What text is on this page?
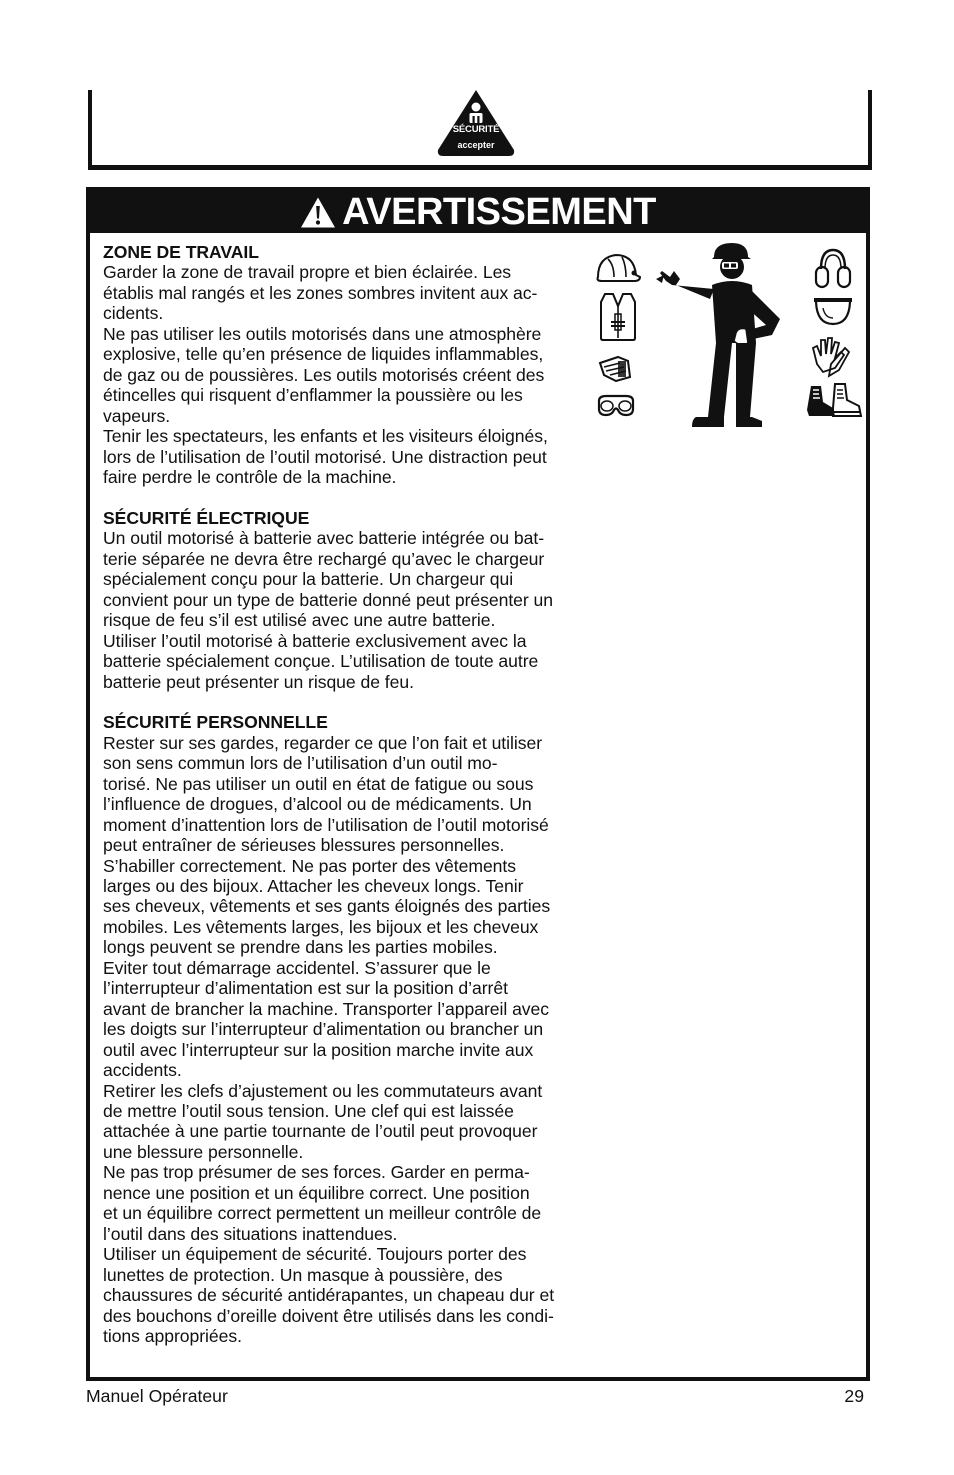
SÉCURITÉ
accepter
AVERTISSEMENT

ZONE DE TRAVAIL

Garder la zone de travail propre et bien éclairée. Les

établis mal rangés et les zones sombres invitent aux ac-

cidents.

Ne pas utiliser les outils motorisés dans une atmosphère

explosive, telle qu’en présence de liquides inflammables,

de gaz ou de poussières. Les outils motorisés créent des

étincelles qui risquent d’enflammer la poussière ou les

vapeurs.

Tenir les spectateurs, les enfants et les visiteurs éloignés,

lors de l’utilisation de l’outil motorisé. Une distraction peut

faire perdre le contrôle de la machine.

SÉCURITÉ ÉLECTRIQUE

Un outil motorisé à batterie avec batterie intégrée ou bat-

terie séparée ne devra être rechargé qu’avec le chargeur

spécialement conçu pour la batterie. Un chargeur qui

convient pour un type de batterie donné peut présenter un

risque de feu s’il est utilisé avec une autre batterie.

Utiliser l’outil motorisé à batterie exclusivement avec la

batterie spécialement conçue. L’utilisation de toute autre

batterie peut présenter un risque de feu.

SÉCURITÉ PERSONNELLE

Rester sur ses gardes, regarder ce que l’on fait et utiliser

son sens commun lors de l’utilisation d’un outil mo-

torisé. Ne pas utiliser un outil en état de fatigue ou sous

l’influence de drogues, d’alcool ou de médicaments. Un

moment d’inattention lors de l’utilisation de l’outil motorisé

peut entraîner de sérieuses blessures personnelles.

S’habiller correctement. Ne pas porter des vêtements

larges ou des bijoux. Attacher les cheveux longs. Tenir

ses cheveux, vêtements et ses gants éloignés des parties

mobiles. Les vêtements larges, les bijoux et les cheveux

longs peuvent se prendre dans les parties mobiles.

Eviter tout démarrage accidentel. S’assurer que le

l’interrupteur d’alimentation est sur la position d’arrêt

avant de brancher la machine. Transporter l’appareil avec

les doigts sur l’interrupteur d’alimentation ou brancher un

outil avec l’interrupteur sur la position marche invite aux

accidents.

Retirer les clefs d’ajustement ou les commutateurs avant

de mettre l’outil sous tension. Une clef qui est laissée

attachée à une partie tournante de l’outil peut provoquer

une blessure personnelle.

Ne pas trop présumer de ses forces. Garder en perma-

nence une position et un équilibre correct. Une position

et un équilibre correct permettent un meilleur contrôle de

l’outil dans des situations inattendues.

Utiliser un équipement de sécurité. Toujours porter des

lunettes de protection. Un masque à poussière, des

chaussures de sécurité antidérapantes, un chapeau dur et

des bouchons d’oreille doivent être utilisés dans les condi-

tions appropriées.

Manuel Opérateur	29
